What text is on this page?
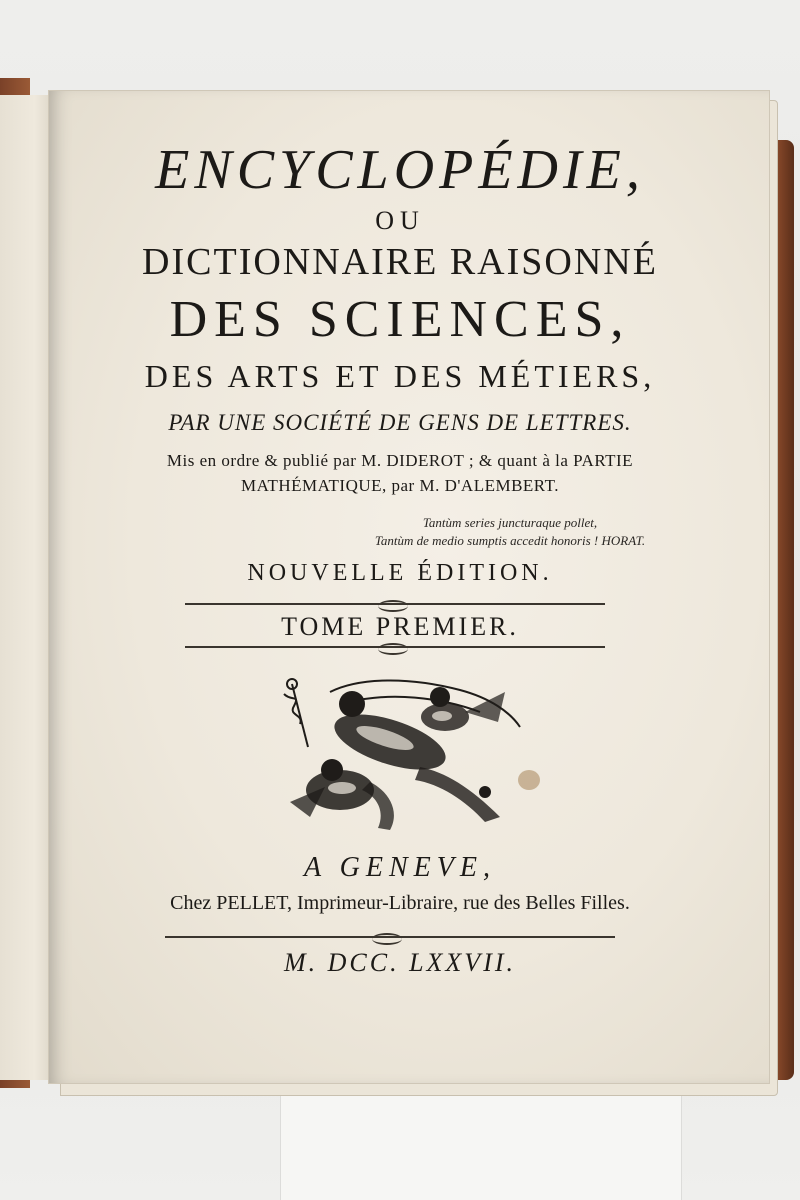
ENCYCLOPÉDIE,
OU
DICTIONNAIRE RAISONNÉ
DES SCIENCES,
DES ARTS ET DES MÉTIERS,
PAR UNE SOCIÉTÉ DE GENS DE LETTRES.
Mis en ordre & publié par M. DIDEROT ; & quant à la PARTIE
MATHÉMATIQUE, par M. D'ALEMBERT.
Tantùm series juncturaque pollet,
Tantùm de medio sumptis accedit honoris ! HORAT.
NOUVELLE ÉDITION.
TOME PREMIER.
A GENEVE,
Chez PELLET, Imprimeur-Libraire, rue des Belles Filles.
M. DCC. LXXVII.
